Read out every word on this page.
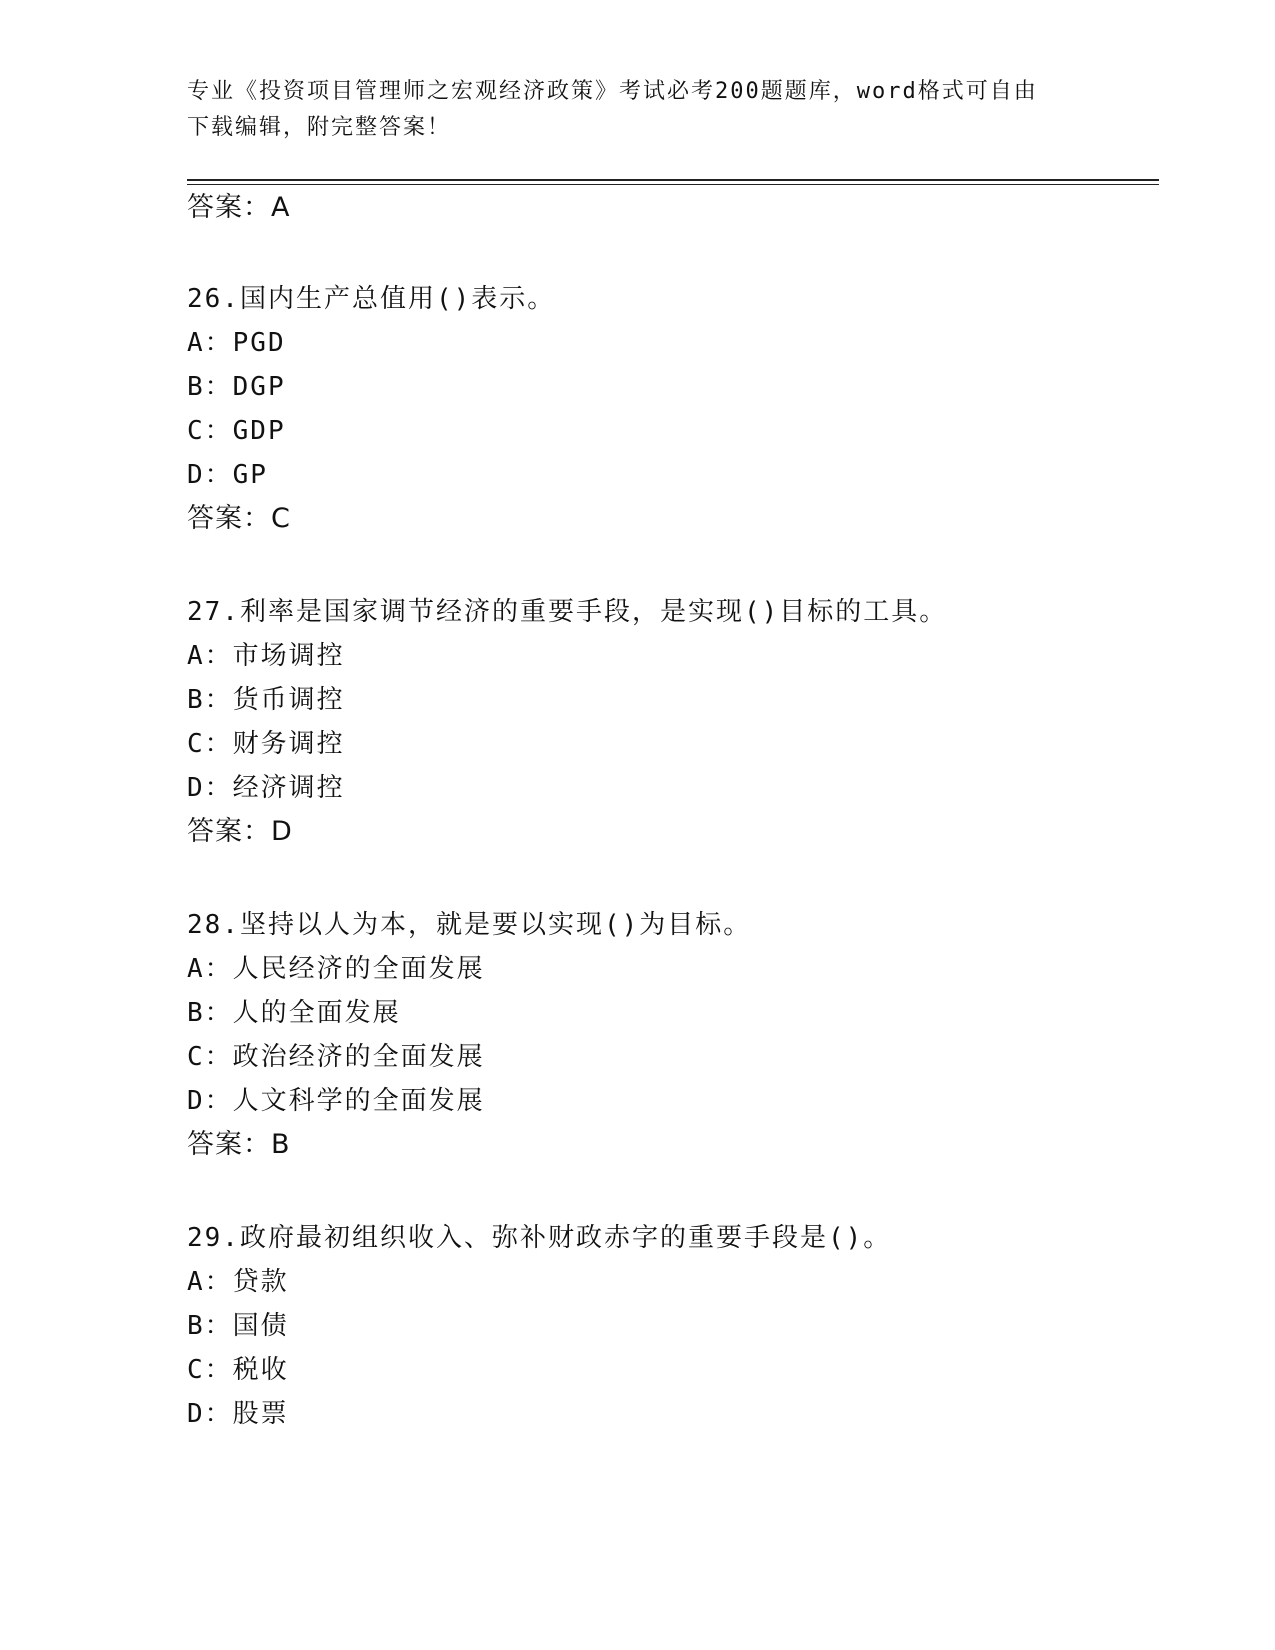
专业《投资项目管理师之宏观经济政策》考试必考200题题库，word格式可自由
下载编辑，附完整答案！
答案：A
26.国内生产总值用()表示。
A：PGD
B：DGP
C：GDP
D：GP
答案：C
27.利率是国家调节经济的重要手段，是实现()目标的工具。
A：市场调控
B：货币调控
C：财务调控
D：经济调控
答案：D
28.坚持以人为本，就是要以实现()为目标。
A：人民经济的全面发展
B：人的全面发展
C：政治经济的全面发展
D：人文科学的全面发展
答案：B
29.政府最初组织收入、弥补财政赤字的重要手段是()。
A：贷款
B：国债
C：税收
D：股票
